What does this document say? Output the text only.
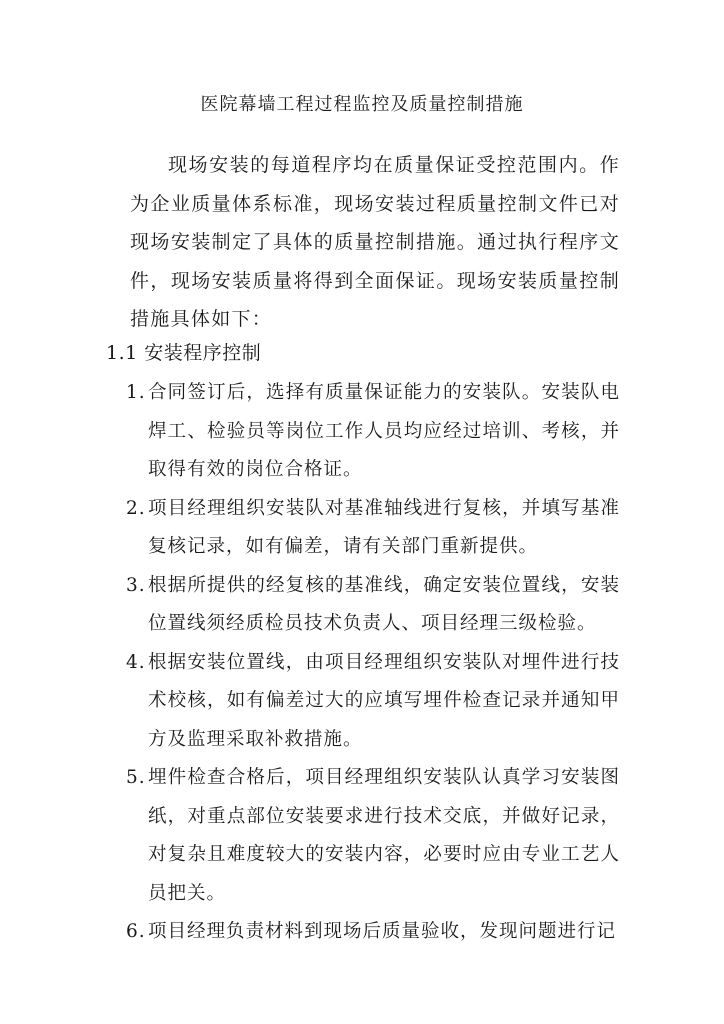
医院幕墙工程过程监控及质量控制措施

现场安装的每道程序均在质量保证受控范围内。作为企业质量体系标准，现场安装过程质量控制文件已对现场安装制定了具体的质量控制措施。通过执行程序文件，现场安装质量将得到全面保证。现场安装质量控制措施具体如下：

1.1 安装程序控制
1. 合同签订后，选择有质量保证能力的安装队。安装队电焊工、检验员等岗位工作人员均应经过培训、考核，并取得有效的岗位合格证。
2. 项目经理组织安装队对基准轴线进行复核，并填写基准复核记录，如有偏差，请有关部门重新提供。
3. 根据所提供的经复核的基准线，确定安装位置线，安装位置线须经质检员技术负责人、项目经理三级检验。
4. 根据安装位置线，由项目经理组织安装队对埋件进行技术校核，如有偏差过大的应填写埋件检查记录并通知甲方及监理采取补救措施。
5. 埋件检查合格后，项目经理组织安装队认真学习安装图纸，对重点部位安装要求进行技术交底，并做好记录，对复杂且难度较大的安装内容，必要时应由专业工艺人员把关。
6. 项目经理负责材料到现场后质量验收，发现问题进行记
